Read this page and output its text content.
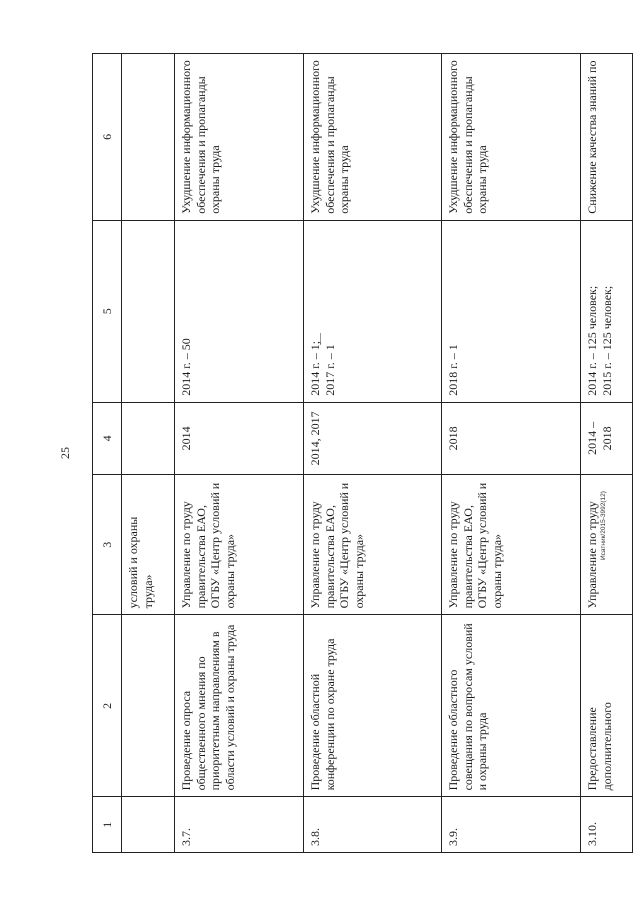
25
1	2	3	4	5	6
		условий и охраны труда»			
3.7.	Проведение опроса общественного мнения по приоритетным направлениям в области условий и охраны труда	Управление по труду правительства ЕАО, ОГБУ «Центр условий и охраны труда»	2014	2014 г. – 50	Ухудшение информационного обеспечения и пропаганды охраны труда
3.8.	Проведение областной конференции по охране труда	Управление по труду правительства ЕАО, ОГБУ «Центр условий и охраны труда»	2014, 2017	2014 г. – 1; 2017 г. – 1	Ухудшение информационного обеспечения и пропаганды охраны труда
3.9.	Проведение областного совещания по вопросам условий и охраны труда	Управление по труду правительства ЕАО, ОГБУ «Центр условий и охраны труда»	2018	2018 г. – 1	Ухудшение информационного обеспечения и пропаганды охраны труда
3.10.	Предоставление дополнительного	Управление по труду	2014 – 2018	2014 г. – 125 человек; 2015 г. – 125 человек;	Снижение качества знаний по
Исатник/2015-3992(12)
